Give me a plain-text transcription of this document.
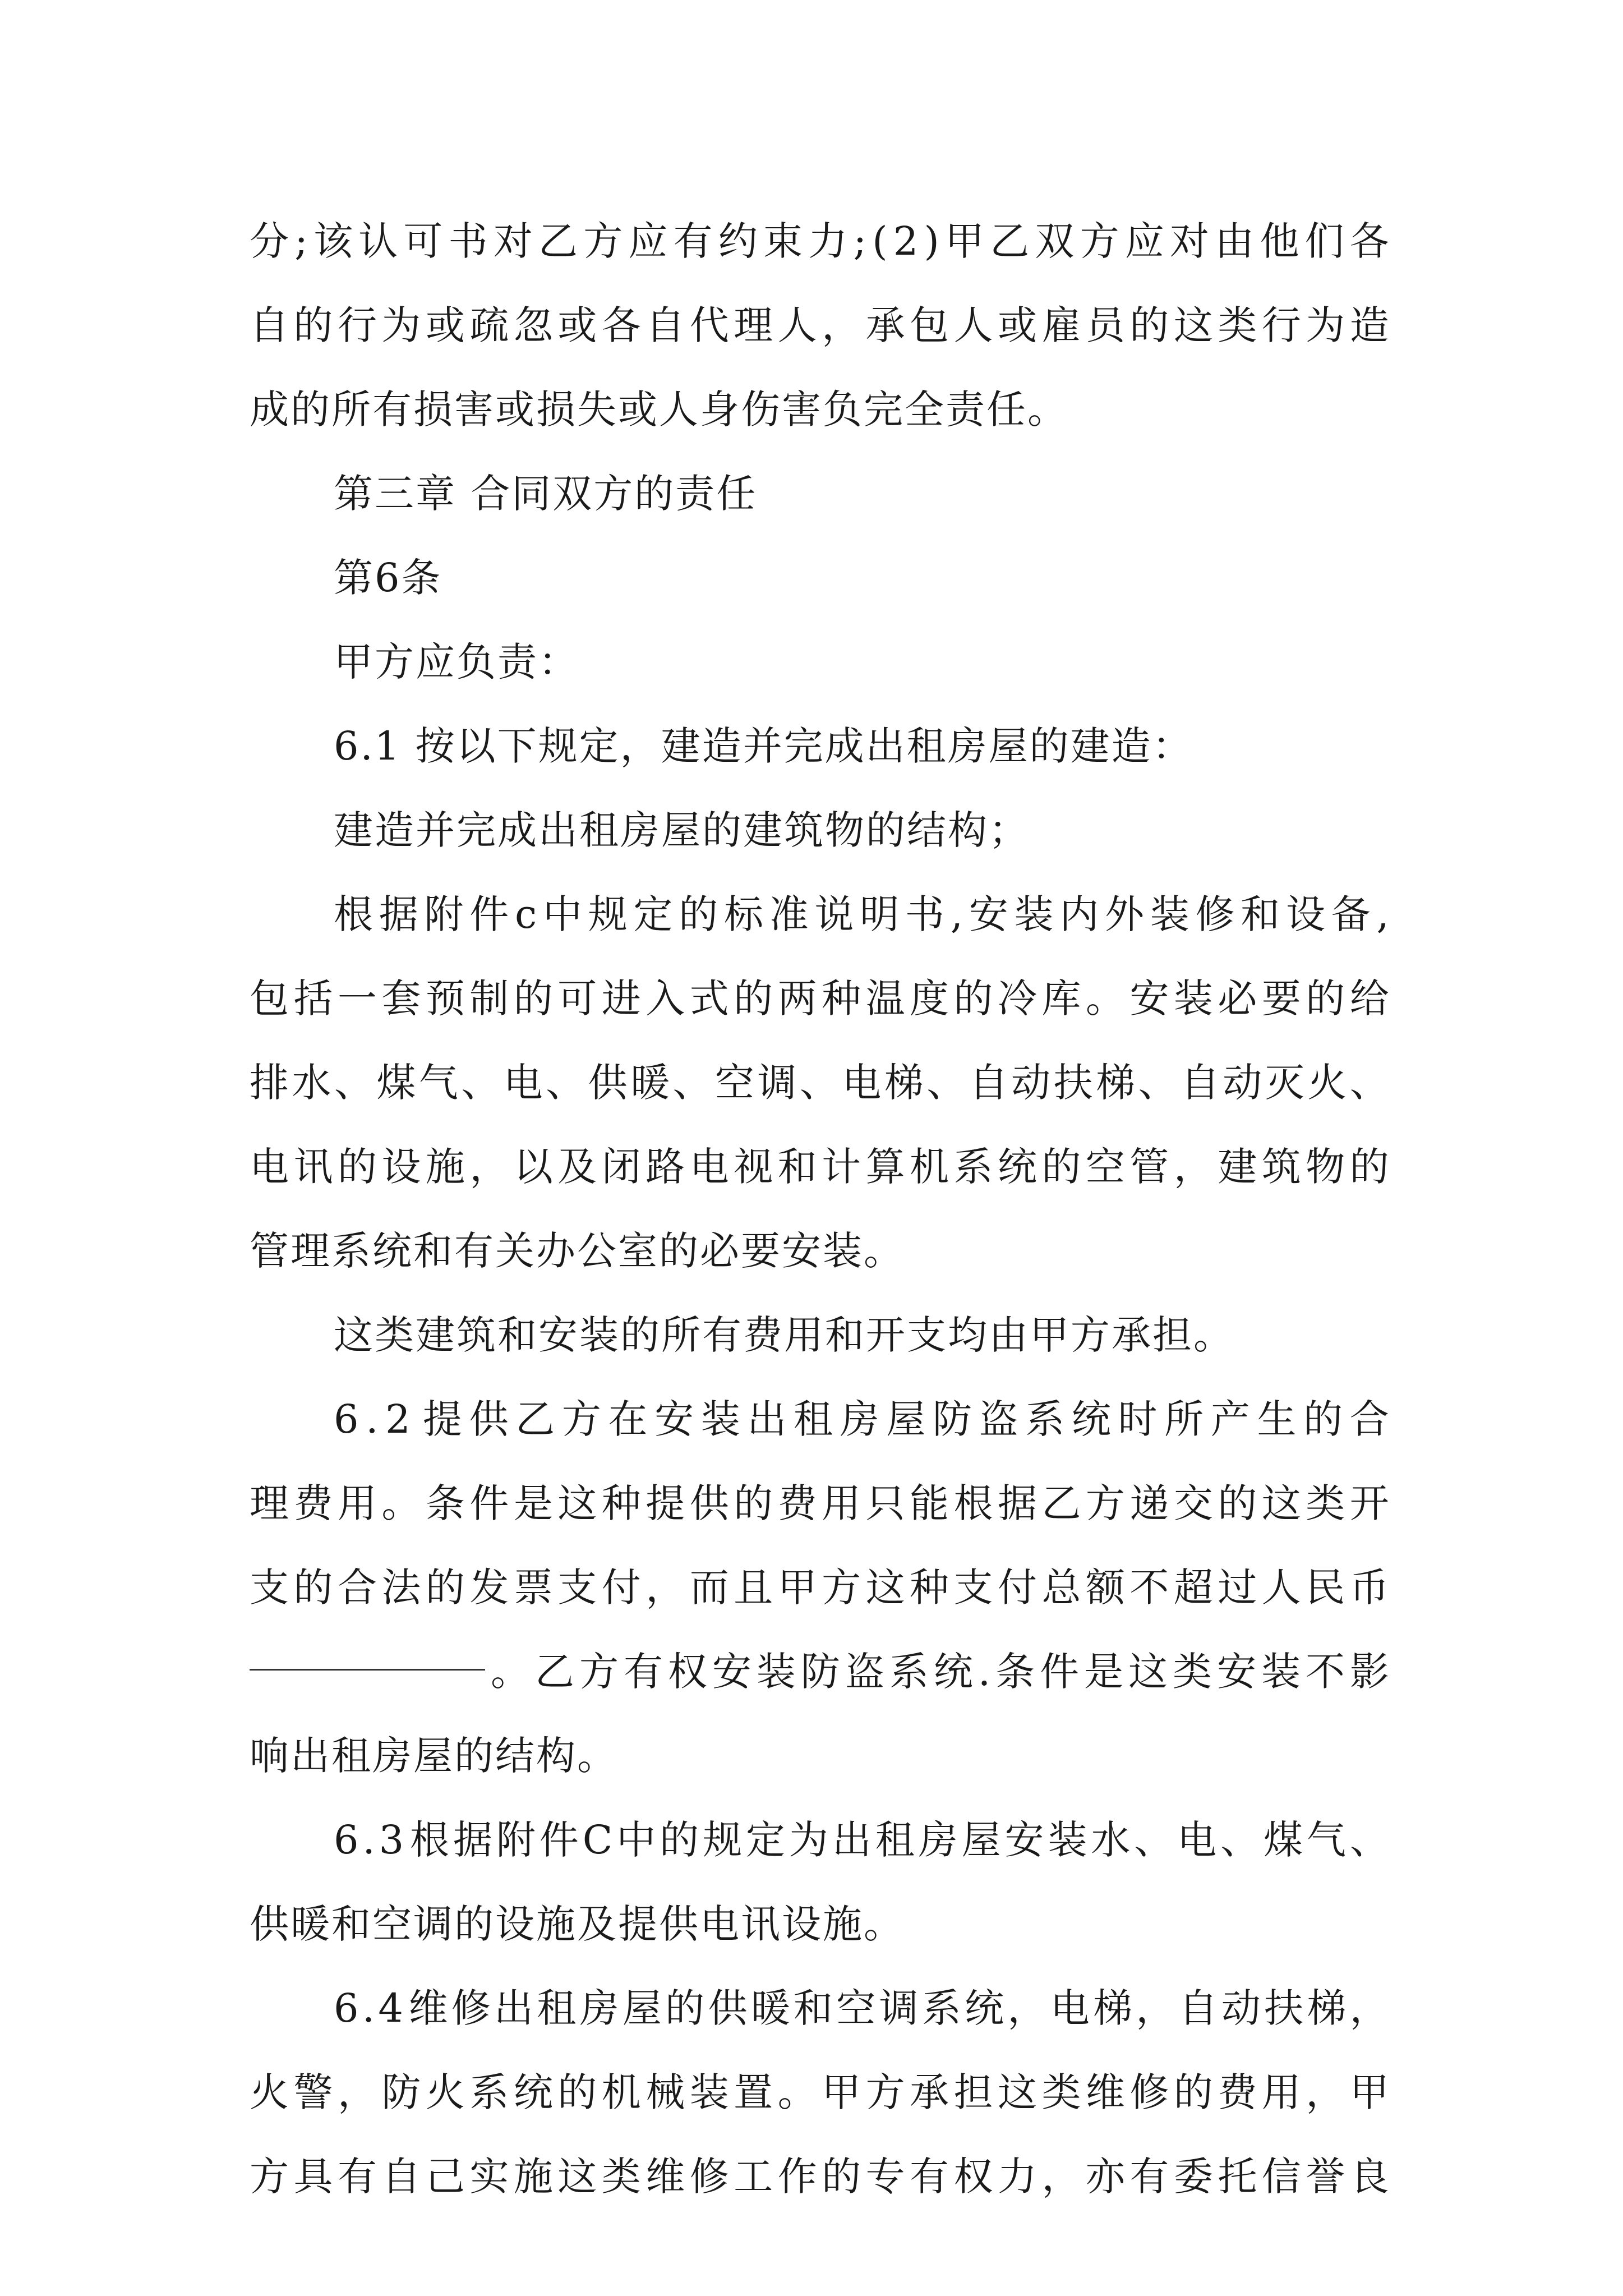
分 ; 该 认 可 书 对 乙 方 应 有 约 束 力 ; ( 2 ) 甲 乙 双 方 应 对 由 他 们 各
自 的 行 为 或 疏 忽 或 各 自 代 理 人 ， 承 包 人 或 雇 员 的 这 类 行 为 造
成的所有损害或损失或人身伤害负完全责任。
第三章 合同双方的责任
第6条
甲方应负责：
6.1 按以下规定，建造并完成出租房屋的建造：
建造并完成出租房屋的建筑物的结构；
根 据 附 件 c 中 规 定 的 标 准 说 明 书 , 安 装 内 外 装 修 和 设 备 ,
包 括 一 套 预 制 的 可 进 入 式 的 两 种 温 度 的 冷 库 。 安 装 必 要 的 给
排 水 、 煤 气 、 电 、 供 暖 、 空 调 、 电 梯 、 自 动 扶 梯 、 自 动 灭 火 、
电 讯 的 设 施 ， 以 及 闭 路 电 视 和 计 算 机 系 统 的 空 管 ， 建 筑 物 的
管理系统和有关办公室的必要安装。
这类建筑和安装的所有费用和开支均由甲方承担。
6 . 2 提 供 乙 方 在 安 装 出 租 房 屋 防 盗 系 统 时 所 产 生 的 合
理 费 用 。 条 件 是 这 种 提 供 的 费 用 只 能 根 据 乙 方 递 交 的 这 类 开
支 的 合 法 的 发 票 支 付 ， 而 且 甲 方 这 种 支 付 总 额 不 超 过 人 民 币
。 乙 方 有 权 安 装 防 盗 系 统 . 条 件 是 这 类 安 装 不 影
响出租房屋的结构。
6 . 3 根 据 附 件 C 中 的 规 定 为 出 租 房 屋 安 装 水 、 电 、 煤 气 、
供暖和空调的设施及提供电讯设施。
6 . 4 维 修 出 租 房 屋 的 供 暖 和 空 调 系 统 ， 电 梯 ， 自 动 扶 梯 ，
火 警 ， 防 火 系 统 的 机 械 装 置 。 甲 方 承 担 这 类 维 修 的 费 用 ， 甲
方 具 有 自 己 实 施 这 类 维 修 工 作 的 专 有 权 力 ， 亦 有 委 托 信 誉 良
